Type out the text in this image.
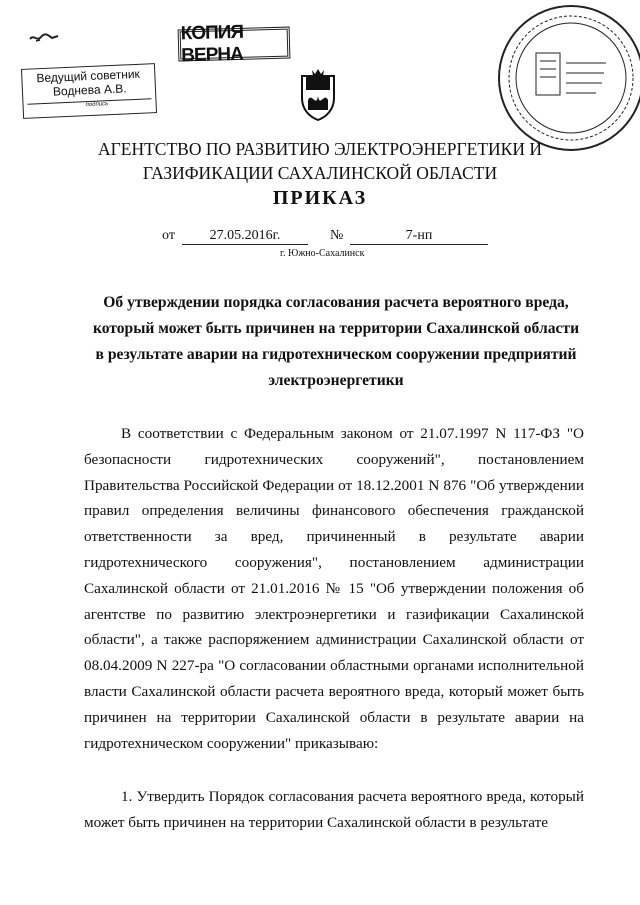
КОПИЯ ВЕРНА
Ведущий советник
Воднева А.В.
подпись
АГЕНТСТВО ПО РАЗВИТИЮ ЭЛЕКТРОЭНЕРГЕТИКИ И
ГАЗИФИКАЦИИ САХАЛИНСКОЙ ОБЛАСТИ
ПРИКАЗ
от	27.05.2016г.	№	7-нп
г. Южно-Сахалинск
Об утверждении порядка согласования расчета вероятного вреда, который может быть причинен на территории Сахалинской области в результате аварии на гидротехническом сооружении предприятий электроэнергетики

В соответствии с Федеральным законом от 21.07.1997 N 117-ФЗ "О безопасности гидротехнических сооружений", постановлением Правительства Российской Федерации от 18.12.2001 N 876 "Об утверждении правил определения величины финансового обеспечения гражданской ответственности за вред, причиненный в результате аварии гидротехнического сооружения", постановлением администрации Сахалинской области от 21.01.2016 № 15 "Об утверждении положения об агентстве по развитию электроэнергетики и газификации Сахалинской области", а также распоряжением администрации Сахалинской области от 08.04.2009 N 227-ра "О согласовании областными органами исполнительной власти Сахалинской области расчета вероятного вреда, который может быть причинен на территории Сахалинской области в результате аварии на гидротехническом сооружении" приказываю:

1. Утвердить Порядок согласования расчета вероятного вреда, который может быть причинен на территории Сахалинской области в результате
